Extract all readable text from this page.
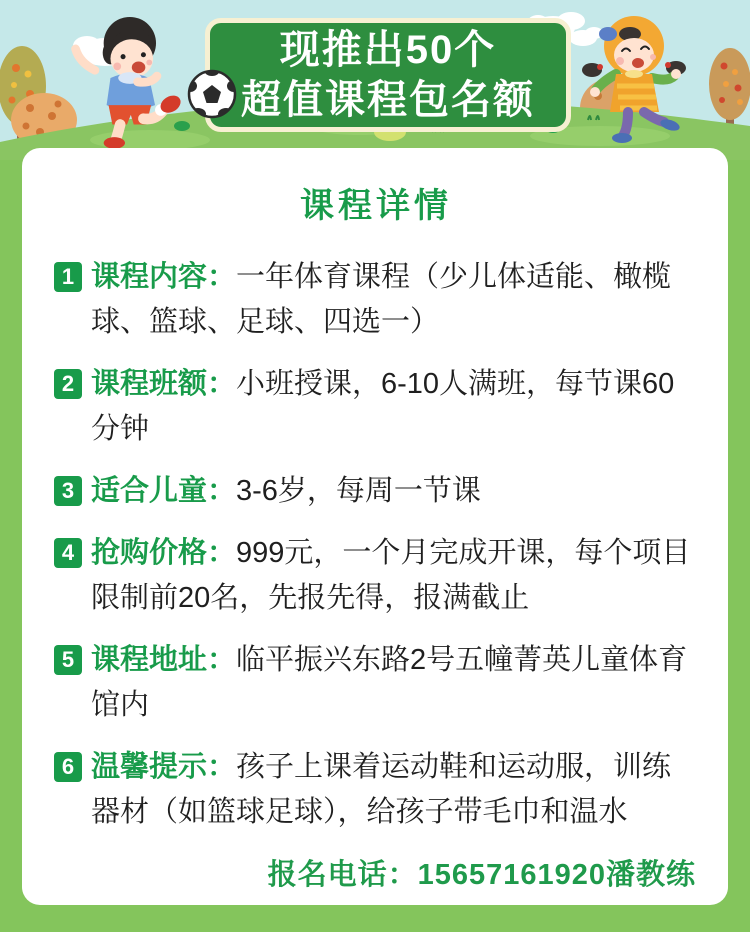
现推出50个
超值课程包名额
课程详情
1 课程内容：一年体育课程（少儿体适能、橄榄球、篮球、足球、四选一）

2 课程班额：小班授课，6-10人满班，每节课60分钟

3 适合儿童：3-6岁，每周一节课

4 抢购价格：999元，一个月完成开课，每个项目限制前20名，先报先得，报满截止

5 课程地址：临平振兴东路2号五幢菁英儿童体育馆内

6 温馨提示：孩子上课着运动鞋和运动服，训练器材（如篮球足球），给孩子带毛巾和温水

报名电话：15657161920潘教练
